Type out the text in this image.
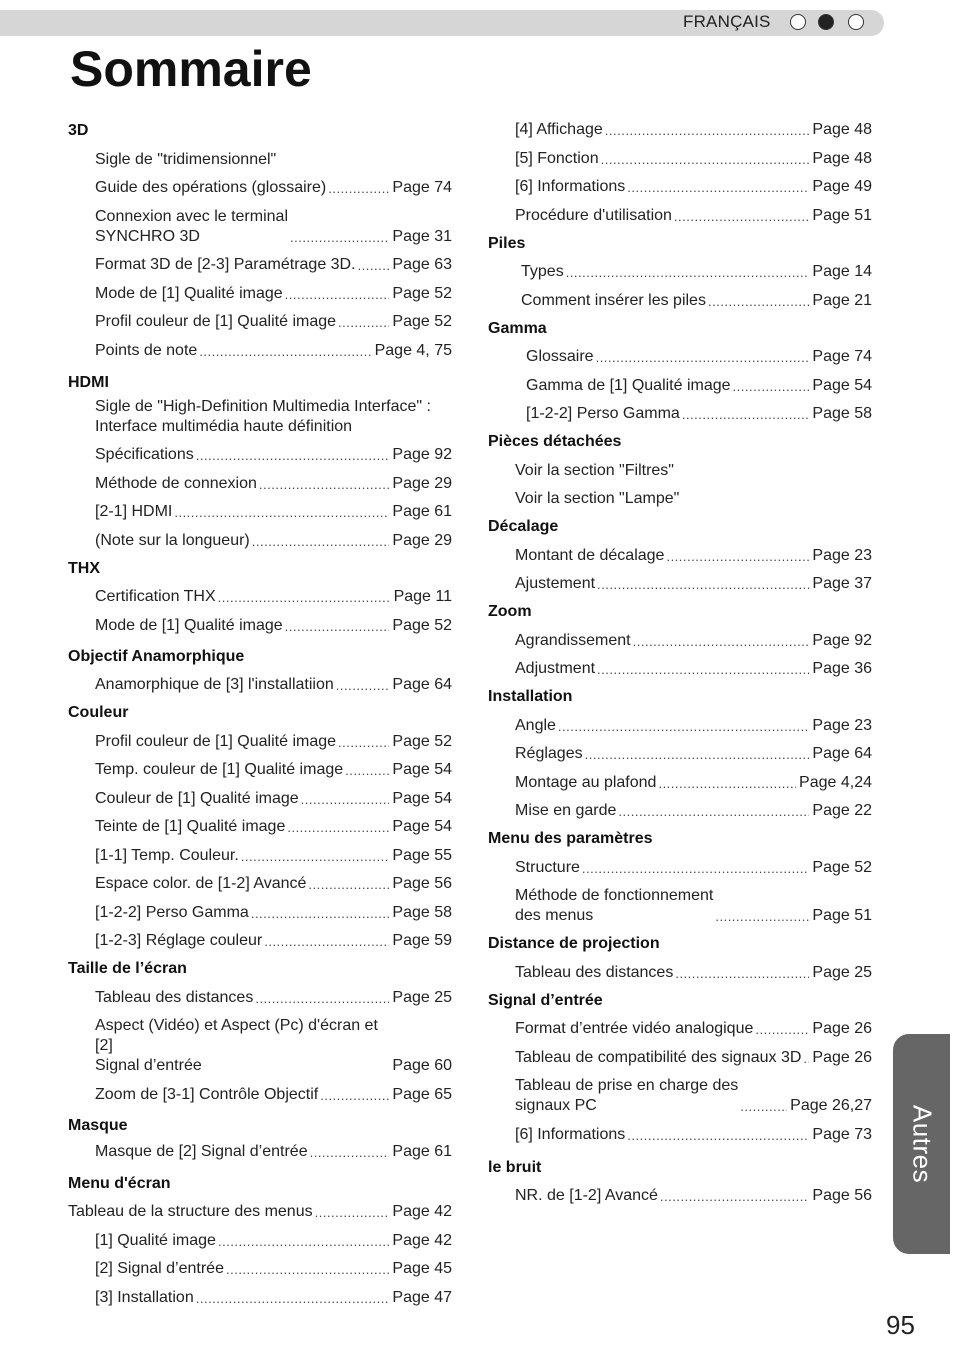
FRANÇAIS
Sommaire
3D
Sigle de "tridimensionnel"
Guide des opérations (glossaire) .....	Page 74
Connexion avec le terminal
SYNCHRO 3D .....	Page 31
Format 3D de [2-3] Paramétrage 3D. ..... Page 63
Mode de [1] Qualité image .....	Page 52
Profil couleur de [1] Qualité image .....	Page 52
Points de note .....	Page 4, 75
HDMI
Sigle de "High-Definition Multimedia Interface" :
Interface multimédia haute définition
Spécifications .....	Page 92
Méthode de connexion .....	Page 29
[2-1] HDMI .....	Page 61
(Note sur la longueur) .....	Page 29
THX
Certification THX .....	Page 11
Mode de [1] Qualité image .....	Page 52
Objectif Anamorphique
Anamorphique de [3] l'installatiion .....	Page 64
Couleur
Profil couleur de [1] Qualité image .....	Page 52
Temp. couleur de [1] Qualité image .....	Page 54
Couleur de [1] Qualité image .....	Page 54
Teinte de [1] Qualité image .....	Page 54
[1-1] Temp. Couleur. .....	Page 55
Espace color. de [1-2] Avancé .....	Page 56
[1-2-2] Perso Gamma .....	Page 58
[1-2-3] Réglage couleur .....	Page 59
Taille de l’écran
Tableau des distances .....	Page 25
Aspect (Vidéo) et Aspect (Pc) d'écran et [2]
Signal d’entrée	Page 60
Zoom de [3-1] Contrôle Objectif .....	Page 65
Masque
Masque de [2] Signal d’entrée .....	Page 61
Menu d'écran
Tableau de la structure des menus .....	Page 42
[1] Qualité image .....	Page 42
[2] Signal d’entrée .....	Page 45
[3] Installation .....	Page 47
[4] Affichage .....	Page 48
[5] Fonction .....	Page 48
[6] Informations .....	Page 49
Procédure d'utilisation .....	Page 51
Piles
Types .....	Page 14
Comment insérer les piles .....	Page 21
Gamma
Glossaire .....	Page 74
Gamma de [1] Qualité image .....	Page 54
[1-2-2] Perso Gamma .....	Page 58
Pièces détachées
Voir la section "Filtres"
Voir la section "Lampe"
Décalage
Montant de décalage .....	Page 23
Ajustement .....	Page 37
Zoom
Agrandissement .....	Page 92
Adjustment .....	Page 36
Installation
Angle .....	Page 23
Réglages .....	Page 64
Montage au plafond .....	Page 4,24
Mise en garde .....	Page 22
Menu des paramètres
Structure .....	Page 52
Méthode de fonctionnement
des menus .....	Page 51
Distance de projection
Tableau des distances .....	Page 25
Signal d’entrée
Format d’entrée vidéo analogique .....	Page 26
Tableau de compatibilité des signaux 3D ..... Page 26
Tableau de prise en charge des
signaux PC .....	Page 26,27
[6] Informations .....	Page 73
le bruit
NR. de [1-2] Avancé .....	Page 56
Autres
95
